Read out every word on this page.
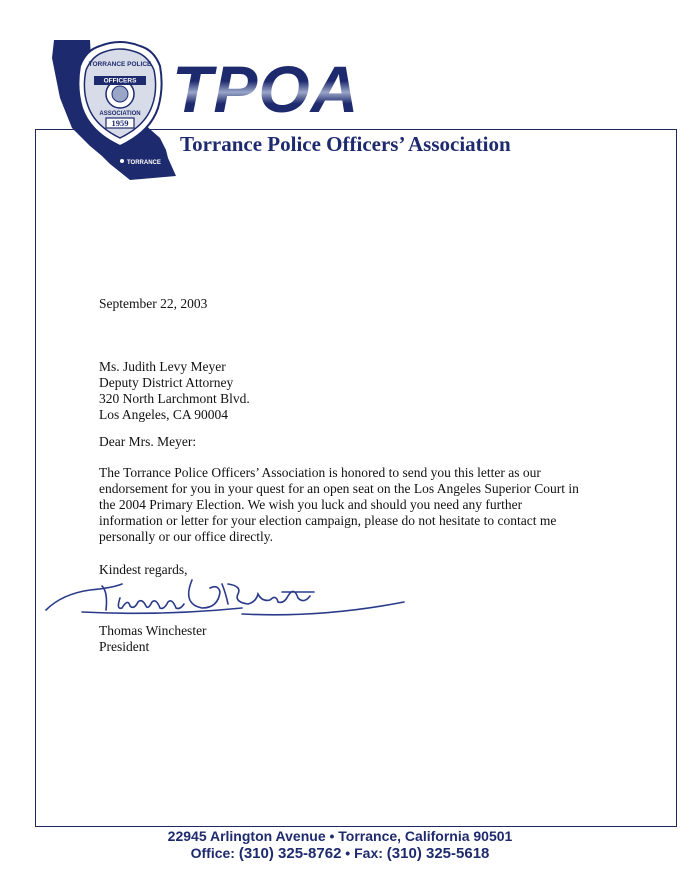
TORRANCE POLICE
OFFICERS
ASSOCIATION
1959
TORRANCE
TPOA
Torrance Police Officers’ Association
September 22, 2003
Ms. Judith Levy Meyer
Deputy District Attorney
320 North Larchmont Blvd.
Los Angeles, CA 90004
Dear Mrs. Meyer:
The Torrance Police Officers’ Association is honored to send you this letter as our
endorsement for you in your quest for an open seat on the Los Angeles Superior Court in
the 2004 Primary Election. We wish you luck and should you need any further
information or letter for your election campaign, please do not hesitate to contact me
personally or our office directly.
Kindest regards,
Thomas Winchester
President
22945 Arlington Avenue • Torrance, California 90501
Office: (310) 325-8762 • Fax: (310) 325-5618
